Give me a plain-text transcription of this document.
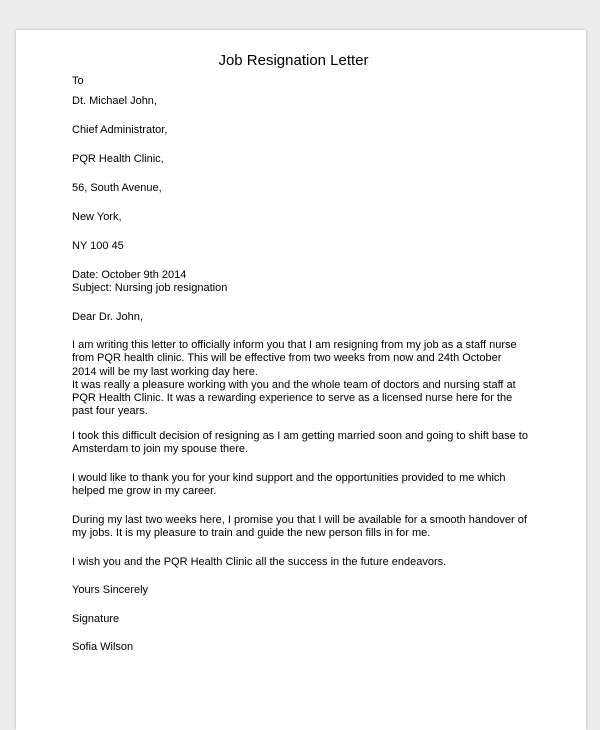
Job Resignation Letter
To
Dt. Michael John,
Chief Administrator,
PQR Health Clinic,
56, South Avenue,
New York,
NY 100 45
Date: October 9th 2014
Subject: Nursing job resignation
Dear Dr. John,
I am writing this letter to officially inform you that I am resigning from my job as a staff nurse
from PQR health clinic. This will be effective from two weeks from now and 24th October
2014 will be my last working day here.
It was really a pleasure working with you and the whole team of doctors and nursing staff at
PQR Health Clinic. It was a rewarding experience to serve as a licensed nurse here for the
past four years.
I took this difficult decision of resigning as I am getting married soon and going to shift base to
Amsterdam to join my spouse there.
I would like to thank you for your kind support and the opportunities provided to me which
helped me grow in my career.
During my last two weeks here, I promise you that I will be available for a smooth handover of
my jobs. It is my pleasure to train and guide the new person fills in for me.
I wish you and the PQR Health Clinic all the success in the future endeavors.
Yours Sincerely
Signature
Sofia Wilson
